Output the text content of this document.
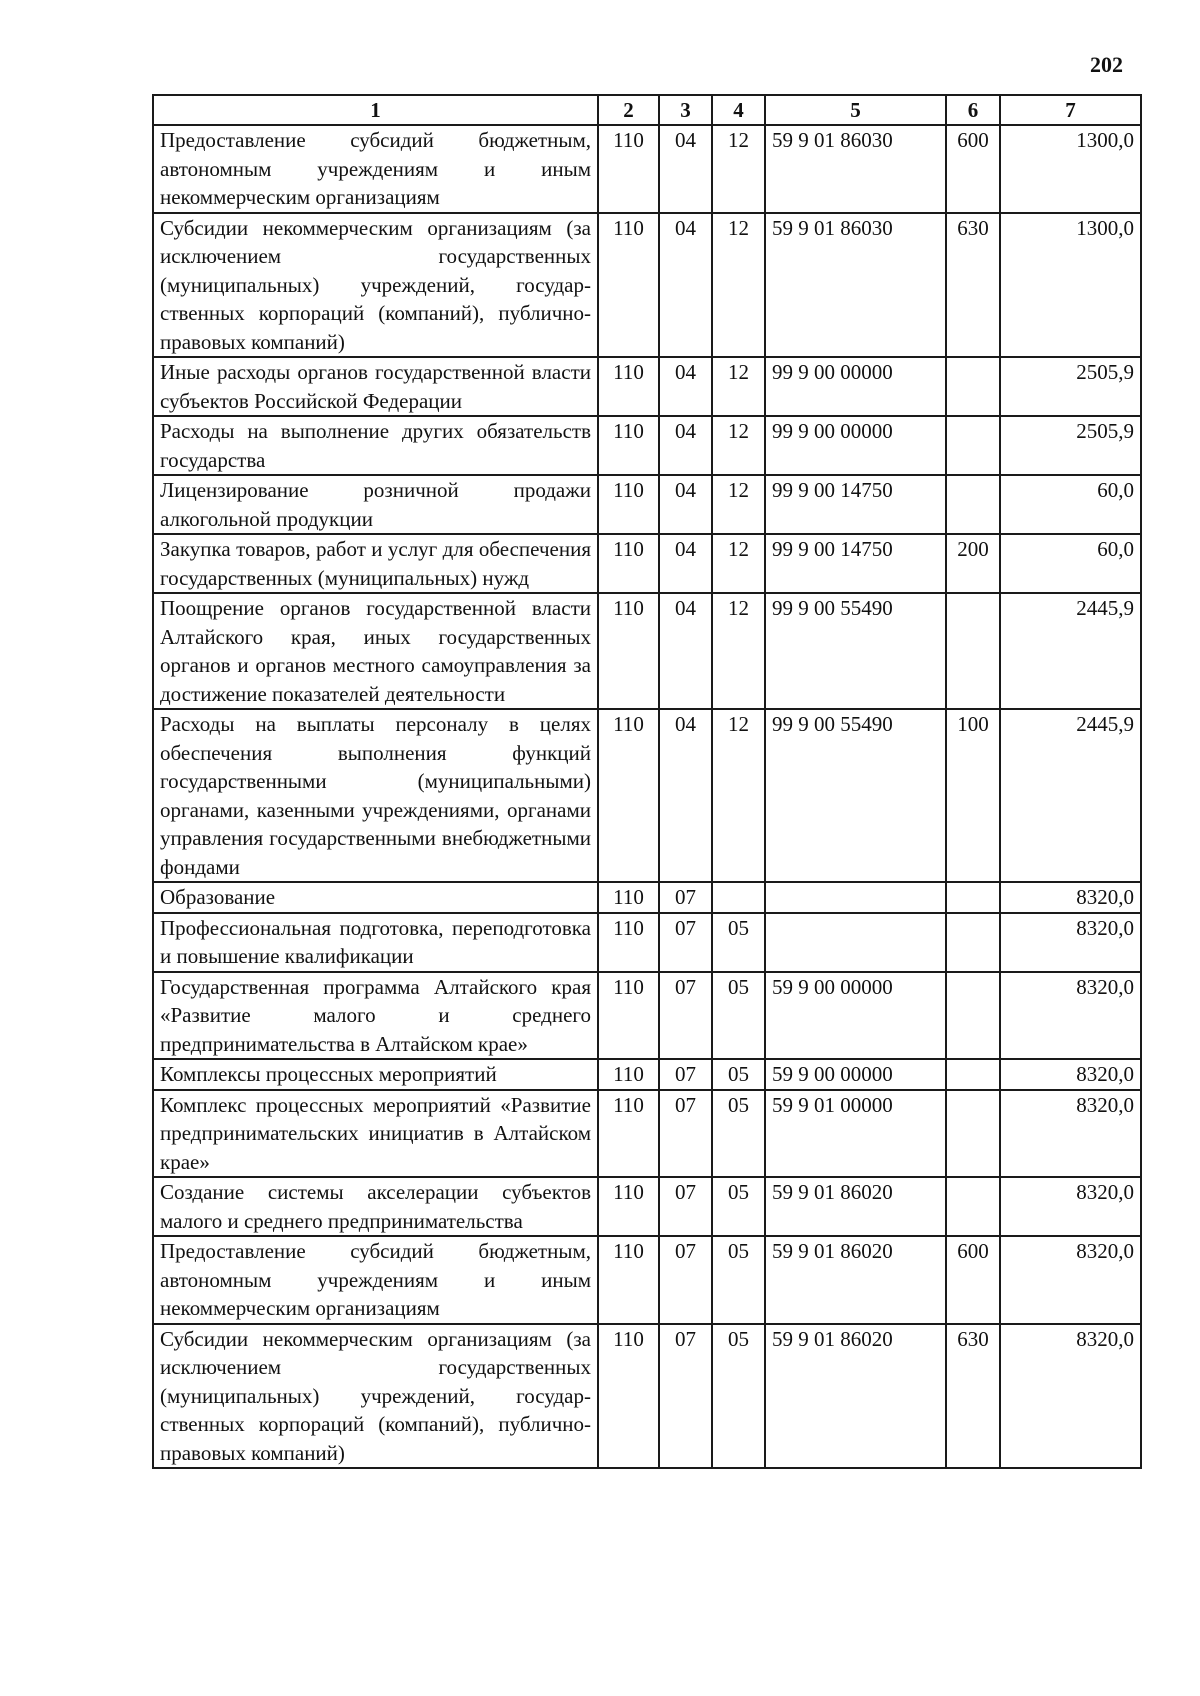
202
1	2	3	4	5	6	7
Предоставление субсидий бюджетным, автономным учреждениям и иным некоммерческим организациям	110	04	12	59 9 01 86030	600	1300,0
Субсидии некоммерческим организациям (за исключением государственных (муниципальных) учреждений, государственных корпораций (компаний), публично-правовых компаний)	110	04	12	59 9 01 86030	630	1300,0
Иные расходы органов государственной власти субъектов Российской Федерации	110	04	12	99 9 00 00000		2505,9
Расходы на выполнение других обязательств государства	110	04	12	99 9 00 00000		2505,9
Лицензирование розничной продажи алкогольной продукции	110	04	12	99 9 00 14750		60,0
Закупка товаров, работ и услуг для обеспечения государственных (муниципальных) нужд	110	04	12	99 9 00 14750	200	60,0
Поощрение органов государственной власти Алтайского края, иных государственных органов и органов местного самоуправления за достижение показателей деятельности	110	04	12	99 9 00 55490		2445,9
Расходы на выплаты персоналу в целях обеспечения выполнения функций государственными (муниципальными) органами, казенными учреждениями, органами управления государственными внебюджетными фондами	110	04	12	99 9 00 55490	100	2445,9
Образование	110	07				8320,0
Профессиональная подготовка, переподготовка и повышение квалификации	110	07	05			8320,0
Государственная программа Алтайского края «Развитие малого и среднего предпринимательства в Алтайском крае»	110	07	05	59 9 00 00000		8320,0
Комплексы процессных мероприятий	110	07	05	59 9 00 00000		8320,0
Комплекс процессных мероприятий «Развитие предпринимательских инициатив в Алтайском крае»	110	07	05	59 9 01 00000		8320,0
Создание системы акселерации субъектов малого и среднего предпринимательства	110	07	05	59 9 01 86020		8320,0
Предоставление субсидий бюджетным, автономным учреждениям и иным некоммерческим организациям	110	07	05	59 9 01 86020	600	8320,0
Субсидии некоммерческим организациям (за исключением государственных (муниципальных) учреждений, государственных корпораций (компаний), публично-правовых компаний)	110	07	05	59 9 01 86020	630	8320,0
